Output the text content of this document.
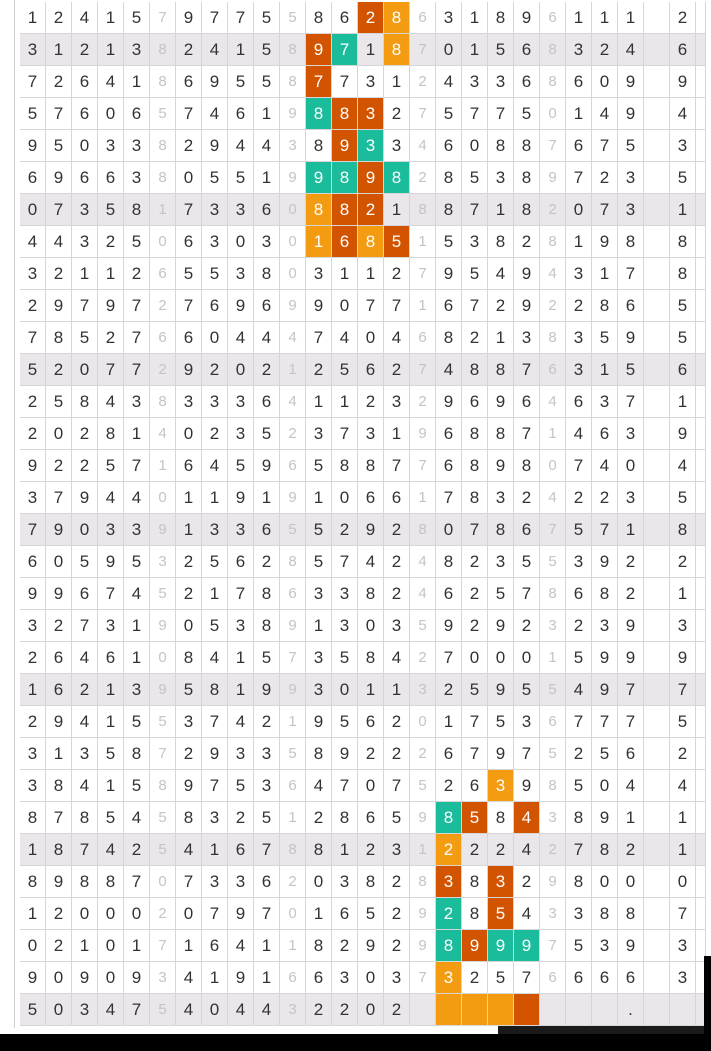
1 2 4 1 5	7	9 7 7 5	5	8 6 2 8	6	3 1 8 9	6	1 1 1	2
3 1 2 1 3	8	2 4 1 5	8	9 7 1 8	7	0 1 5 6	8	3 2 4	6
7 2 6 4 1	8	6 9 5 5	8	7 7 3 1	2	4 3 3 6	8	6 0 9	9
5 7 6 0 6	5	7 4 6 1	9	8 8 3 2	7	5 7 7 5	0	1 4 9	4
9 5 0 3 3	8	2 9 4 4	3	8 9 3 3	4	6 0 8 8	7	6 7 5	3
6 9 6 6 3	8	0 5 5 1	9	9 8 9 8	2	8 5 3 8	9	7 2 3	5
0 7 3 5 8	1	7 3 3 6	0	8 8 2 1	8	8 7 1 8	2	0 7 3	1
4 4 3 2 5	0	6 3 0 3	0	1 6 8 5	1	5 3 8 2	8	1 9 8	8
3 2 1 1 2	6	5 5 3 8	0	3 1 1 2	7	9 5 4 9	4	3 1 7	8
2 9 7 9 7	2	7 6 9 6	9	9 0 7 7	1	6 7 2 9	2	2 8 6	5
7 8 5 2 7	6	6 0 4 4	4	7 4 0 4	6	8 2 1 3	8	3 5 9	5
5 2 0 7 7	2	9 2 0 2	1	2 5 6 2	7	4 8 8 7	6	3 1 5	6
2 5 8 4 3	8	3 3 3 6	4	1 1 2 3	2	9 6 9 6	4	6 3 7	1
2 0 2 8 1	4	0 2 3 5	2	3 7 3 1	9	6 8 8 7	1	4 6 3	9
9 2 2 5 7	1	6 4 5 9	6	5 8 8 7	7	6 8 9 8	0	7 4 0	4
3 7 9 4 4	0	1 1 9 1	9	1 0 6 6	1	7 8 3 2	4	2 2 3	5
7 9 0 3 3	9	1 3 3 6	5	5 2 9 2	8	0 7 8 6	7	5 7 1	8
6 0 5 9 5	3	2 5 6 2	8	5 7 4 2	4	8 2 3 5	5	3 9 2	2
9 9 6 7 4	5	2 1 7 8	6	3 3 8 2	4	6 2 5 7	8	6 8 2	1
3 2 7 3 1	9	0 5 3 8	9	1 3 0 3	5	9 2 9 2	3	2 3 9	3
2 6 4 6 1	0	8 4 1 5	7	3 5 8 4	2	7 0 0 0	1	5 9 9	9
1 6 2 1 3	9	5 8 1 9	9	3 0 1 1	3	2 5 9 5	5	4 9 7	7
2 9 4 1 5	5	3 7 4 2	1	9 5 6 2	0	1 7 5 3	6	7 7 7	5
3 1 3 5 8	7	2 9 3 3	5	8 9 2 2	2	6 7 9 7	5	2 5 6	2
3 8 4 1 5	8	9 7 5 3	6	4 7 0 7	5	2 6 3 9	8	5 0 4	4
8 7 8 5 4	5	8 3 2 5	1	2 8 6 5	9	8 5 8 4	3	8 9 1	1
1 8 7 4 2	5	4 1 6 7	8	8 1 2 3	1	2 2 2 4	2	7 8 2	1
8 9 8 8 7	0	7 3 3 6	2	0 3 8 2	8	3 8 3 2	9	8 0 0	0
1 2 0 0 0	2	0 7 9 7	0	1 6 5 2	9	2 8 5 4	3	3 8 8	7
0 2 1 0 1	7	1 6 4 1	1	8 2 9 2	9	8 9 9 9	7	5 3 9	3
9 0 9 0 9	3	4 1 9 1	6	6 3 0 3	7	3 2 5 7	6	6 6 6	3
5 0 3 4 7	5	4 0 4 4	3	2 2 0 2	.
